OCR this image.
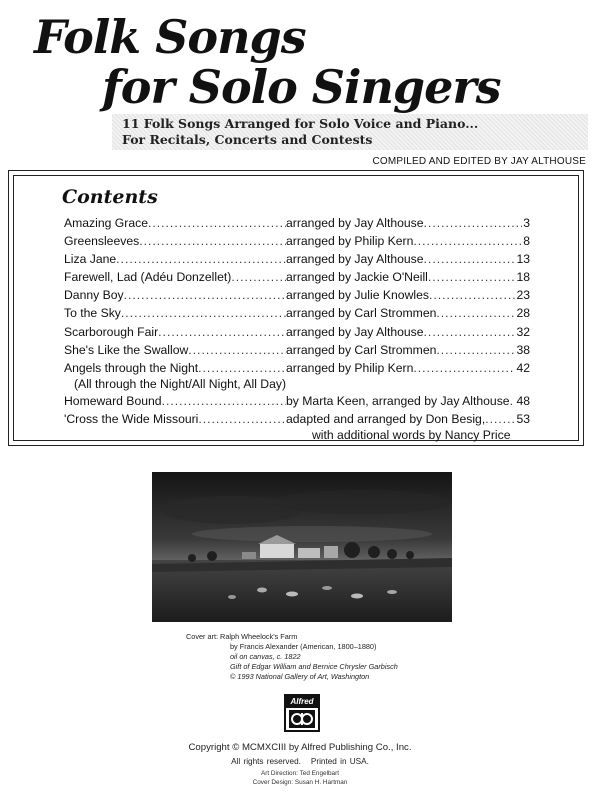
Folk Songs
for Solo Singers
11 Folk Songs Arranged for Solo Voice and Piano...
For Recitals, Concerts and Contests
COMPILED AND EDITED BY JAY ALTHOUSE
Contents
Amazing Grace .....	arranged by Jay Althouse .....	3
Greensleeves .....	arranged by Philip Kern .....	8
Liza Jane .....	arranged by Jay Althouse .....	13
Farewell, Lad (Adéu Donzellet) .....	arranged by Jackie O'Neill .....	18
Danny Boy .....	arranged by Julie Knowles .....	23
To the Sky .....	arranged by Carl Strommen .....	28
Scarborough Fair .....	arranged by Jay Althouse .....	32
She's Like the Swallow .....	arranged by Carl Strommen .....	38
Angels through the Night .....	arranged by Philip Kern .....	42
(All through the Night/All Night, All Day)
Homeward Bound .....	by Marta Keen, arranged by Jay Althouse ..... 48
'Cross the Wide Missouri .....	adapted and arranged by Don Besig, .....	53
with additional words by Nancy Price
Cover art: Ralph Wheelock's Farm
by Francis Alexander (American, 1800–1880)
oil on canvas, c. 1822
Gift of Edgar William and Bernice Chrysler Garbisch
© 1993 National Gallery of Art, Washington
Alfred
Copyright © MCMXCIII by Alfred Publishing Co., Inc.
All rights reserved. Printed in USA.
Art Direction: Ted Engelbart
Cover Design: Susan H. Hartman
